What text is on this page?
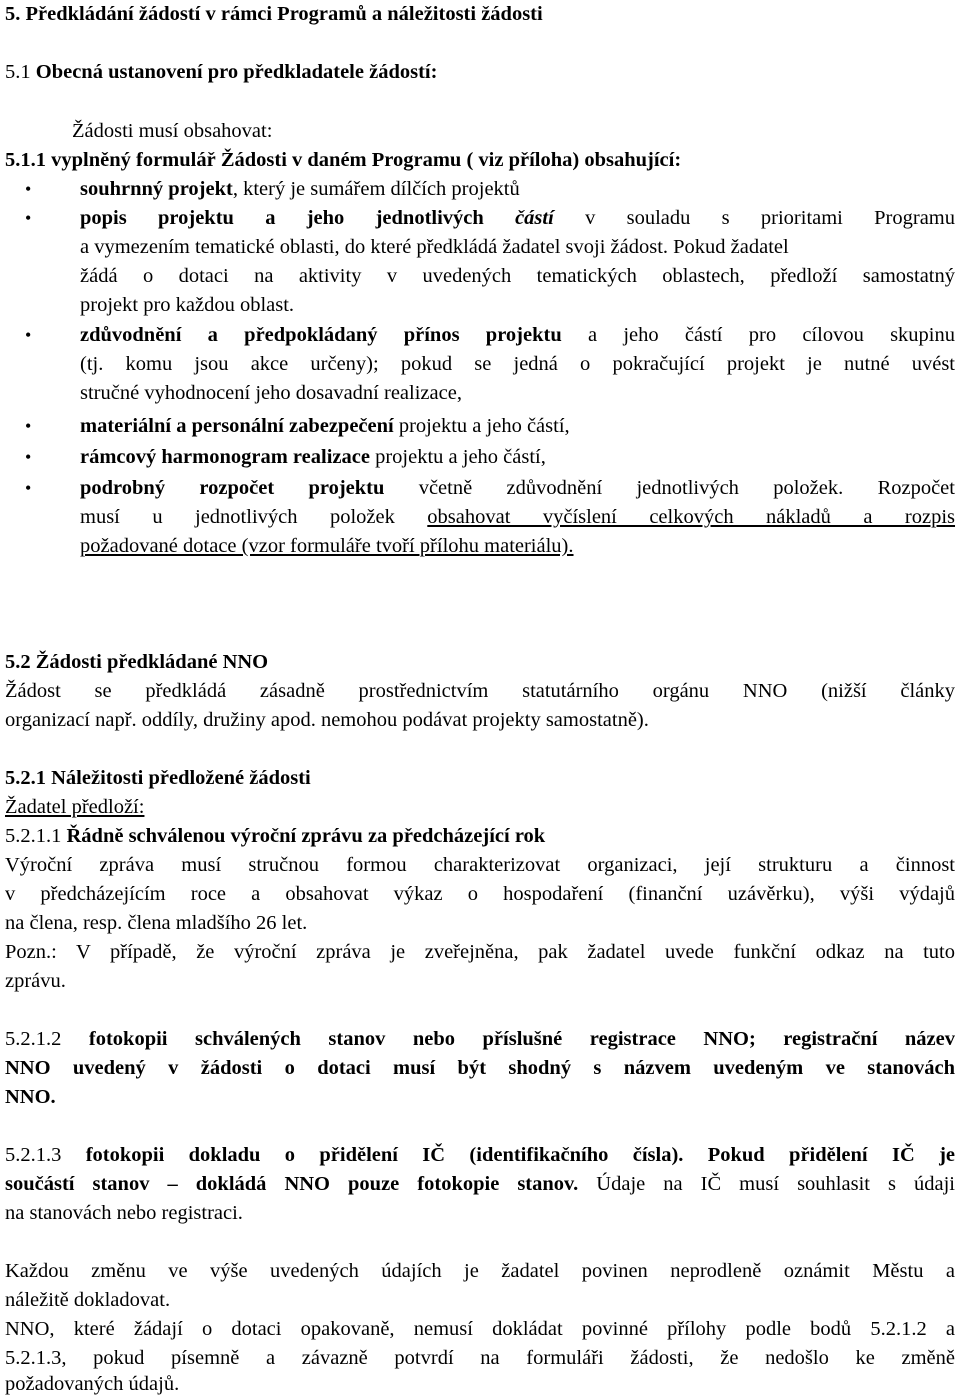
5. Předkládání žádostí v rámci Programů a náležitosti žádosti
5.1 Obecná ustanovení pro předkladatele žádostí:
Žádosti musí obsahovat:
5.1.1 vyplněný formulář Žádosti v daném Programu ( viz příloha) obsahující:
• souhrnný projekt, který je sumářem dílčích projektů
• popis projektu a jeho jednotlivých částí v souladu s prioritami Programu
a vymezením tematické oblasti, do které předkládá žadatel svoji žádost. Pokud žadatel
žádá o dotaci na aktivity v uvedených tematických oblastech, předloží samostatný
projekt pro každou oblast.
• zdůvodnění a předpokládaný přínos projektu a jeho částí pro cílovou skupinu
(tj. komu jsou akce určeny); pokud se jedná o pokračující projekt je nutné uvést
stručné vyhodnocení jeho dosavadní realizace,
• materiální a personální zabezpečení projektu a jeho částí,
• rámcový harmonogram realizace projektu a jeho částí,
• podrobný rozpočet projektu včetně zdůvodnění jednotlivých položek. Rozpočet
musí u jednotlivých položek obsahovat vyčíslení celkových nákladů a rozpis
požadované dotace (vzor formuláře tvoří přílohu materiálu).
5.2 Žádosti předkládané NNO
Žádost se předkládá zásadně prostřednictvím statutárního orgánu NNO (nižší články
organizací např. oddíly, družiny apod. nemohou podávat projekty samostatně).
5.2.1 Náležitosti předložené žádosti
Žadatel předloží:
5.2.1.1 Řádně schválenou výroční zprávu za předcházející rok
Výroční zpráva musí stručnou formou charakterizovat organizaci, její strukturu a činnost
v předcházejícím roce a obsahovat výkaz o hospodaření (finanční uzávěrku), výši výdajů
na člena, resp. člena mladšího 26 let.
Pozn.: V případě, že výroční zpráva je zveřejněna, pak žadatel uvede funkční odkaz na tuto
zprávu.
5.2.1.2 fotokopii schválených stanov nebo příslušné registrace NNO; registrační název
NNO uvedený v žádosti o dotaci musí být shodný s názvem uvedeným ve stanovách
NNO.
5.2.1.3 fotokopii dokladu o přidělení IČ (identifikačního čísla). Pokud přidělení IČ je
součástí stanov – dokládá NNO pouze fotokopie stanov. Údaje na IČ musí souhlasit s údaji
na stanovách nebo registraci.
Každou změnu ve výše uvedených údajích je žadatel povinen neprodleně oznámit Městu a
náležitě dokladovat.
NNO, které žádají o dotaci opakovaně, nemusí dokládat povinné přílohy podle bodů 5.2.1.2 a
5.2.1.3, pokud písemně a závazně potvrdí na formuláři žádosti, že nedošlo ke změně
požadovaných údajů.
